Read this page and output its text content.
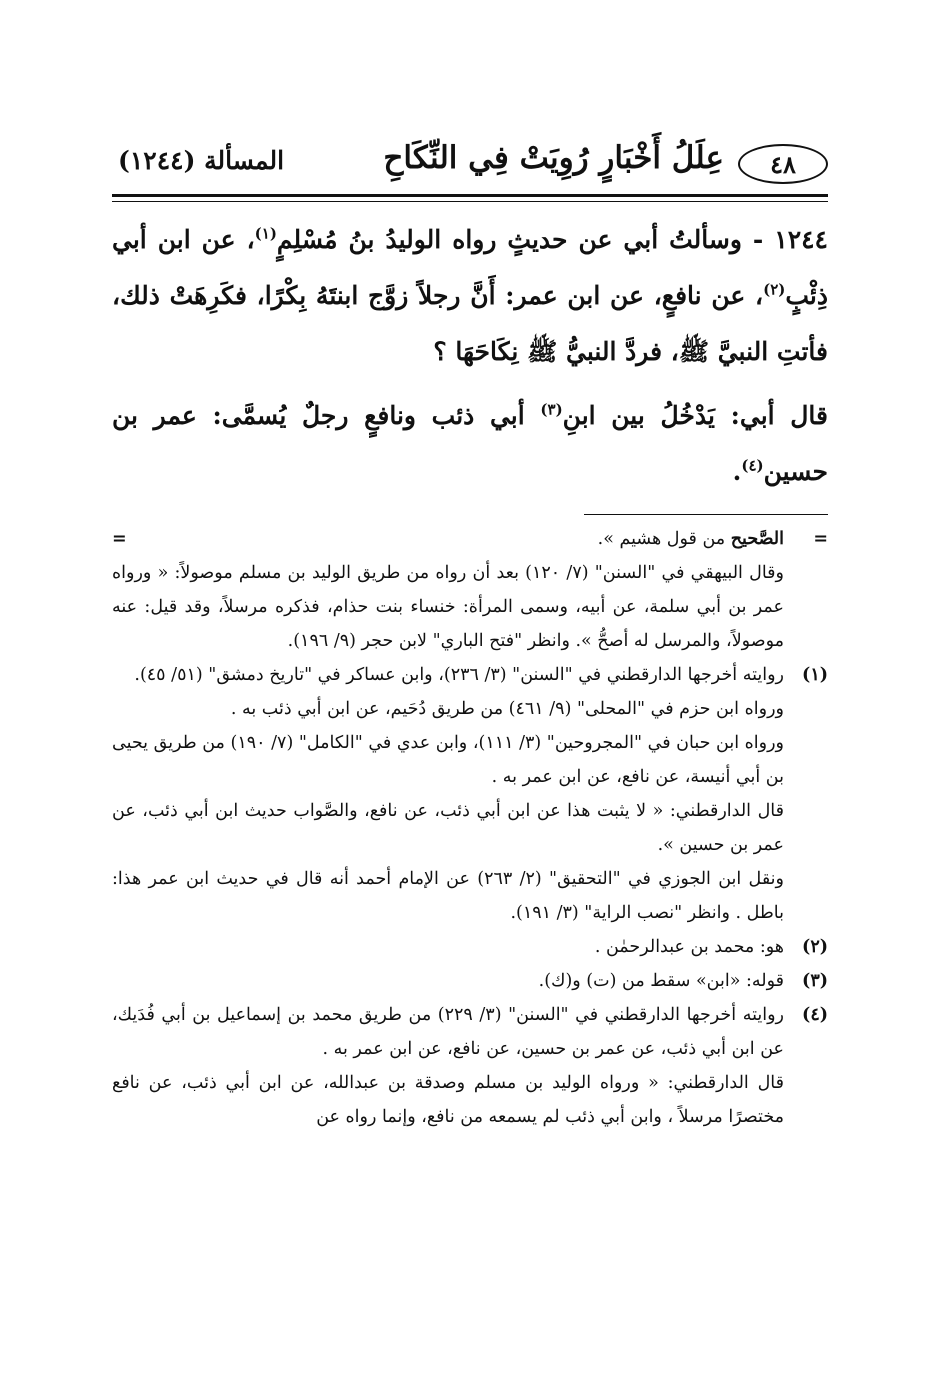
٤٨
عِلَلُ أَخْبَارٍ رُوِيَتْ فِي النِّكَاحِ
المسألة (١٢٤٤)

١٢٤٤ - وسألتُ أبي عن حديثٍ رواه الوليدُ بنُ مُسْلِمٍ$^{(١)}$، عن ابن أبي ذِئْبٍ$^{(٢)}$، عن نافعٍ، عن ابن عمر: أَنَّ رجلاً زوَّج ابنتَهُ بِكْرًا، فكَرِهَتْ ذلك، فأتتِ النبيَّ ﷺ، فردَّ النبيُّ ﷺ نِكَاحَهَا ؟

قال أبي: يَدْخُلُ بين ابنِ$^{(٣)}$ أبي ذئب ونافعٍ رجلٌ يُسمَّى: عمر بن حسين$^{(٤)}$.

=
=	الصَّحيح من قول هشيم ».

وقال البيهقي في "السنن" (٧/ ١٢٠) بعد أن رواه من طريق الوليد بن مسلم موصولاً: « ورواه عمر بن أبي سلمة، عن أبيه، وسمى المرأة: خنساء بنت حذام، فذكره مرسلاً، وقد قيل: عنه موصولاً، والمرسل له أصحُّ ». وانظر "فتح الباري" لابن حجر (٩/ ١٩٦).

(١)

روايته أخرجها الدارقطني في "السنن" (٣/ ٢٣٦)، وابن عساكر في "تاريخ دمشق" (٥١/ ٤٥).

ورواه ابن حزم في "المحلى" (٩/ ٤٦١) من طريق دُحَيم، عن ابن أبي ذئب به .

ورواه ابن حبان في "المجروحين" (٣/ ١١١)، وابن عدي في "الكامل" (٧/ ١٩٠) من طريق يحيى بن أبي أنيسة، عن نافع، عن ابن عمر به .

قال الدارقطني: « لا يثبت هذا عن ابن أبي ذئب، عن نافع، والصَّواب حديث ابن أبي ذئب، عن عمر بن حسين ».

ونقل ابن الجوزي في "التحقيق" (٢/ ٢٦٣) عن الإمام أحمد أنه قال في حديث ابن عمر هذا: باطل . وانظر "نصب الراية" (٣/ ١٩١).

(٢)

هو: محمد بن عبدالرحمٰن .

(٣)

قوله: «ابن» سقط من (ت) و(ك).

(٤)

روايته أخرجها الدارقطني في "السنن" (٣/ ٢٢٩) من طريق محمد بن إسماعيل بن أبي فُدَيك، عن ابن أبي ذئب، عن عمر بن حسين، عن نافع، عن ابن عمر به .

قال الدارقطني: « ورواه الوليد بن مسلم وصدقة بن عبدالله، عن ابن أبي ذئب، عن نافع مختصرًا مرسلاً ، وابن أبي ذئب لم يسمعه من نافع، وإنما رواه عن
